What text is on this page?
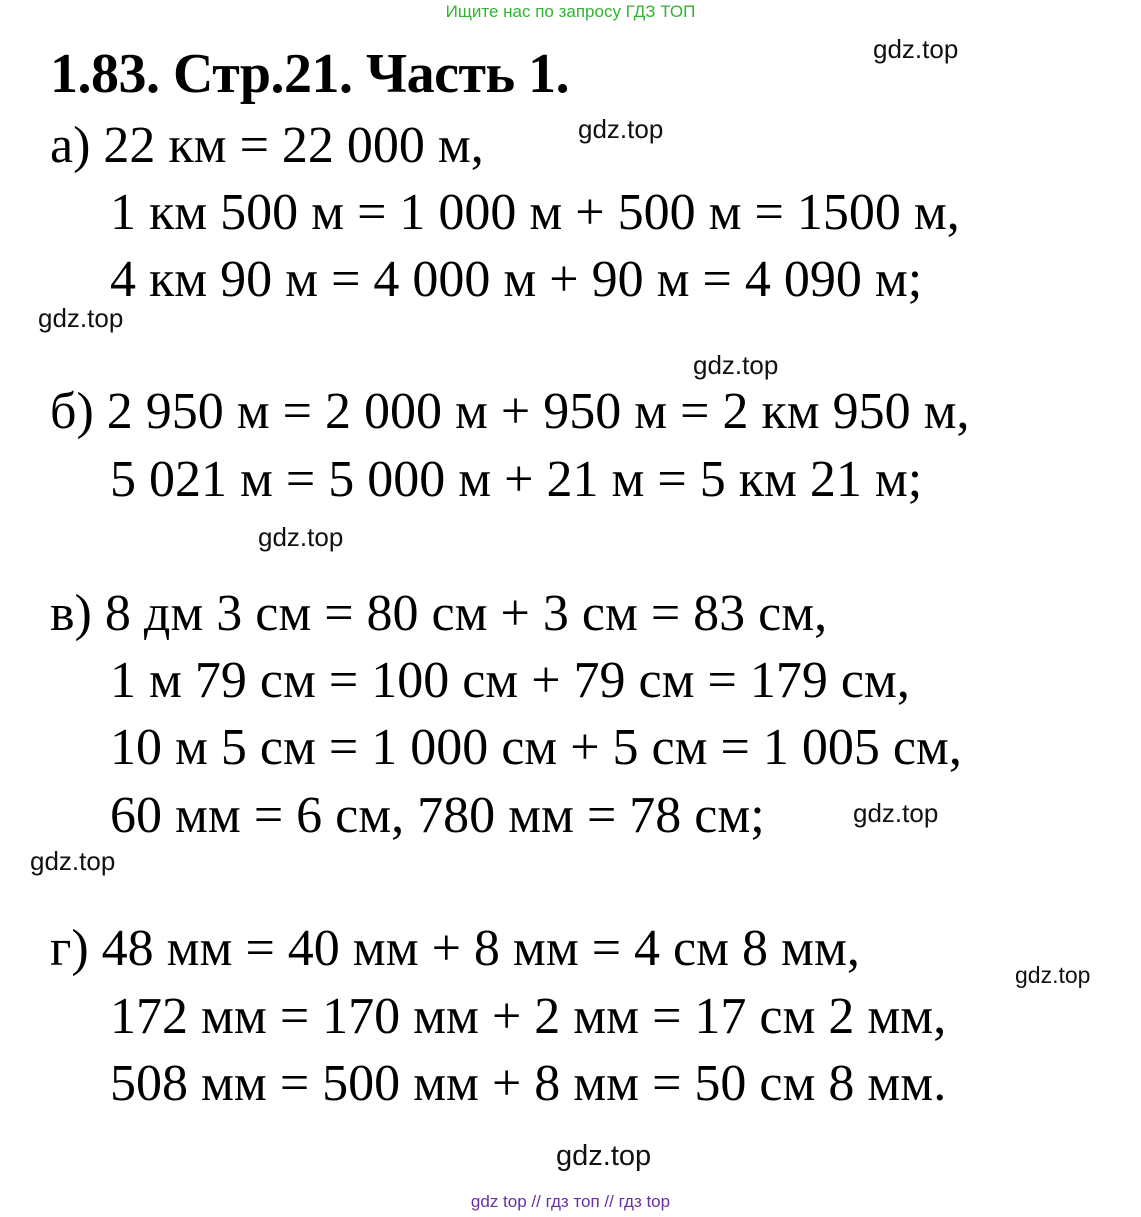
Ищите нас по запросу ГДЗ ТОП
1.83. Стр.21. Часть 1.
а) 22 км = 22 000 м,
1 км 500 м = 1 000 м + 500 м = 1500 м,
4 км 90 м = 4 000 м + 90 м = 4 090 м;
б) 2 950 м = 2 000 м + 950 м = 2 км 950 м,
5 021 м = 5 000 м + 21 м = 5 км 21 м;
в) 8 дм 3 см = 80 см + 3 см = 83 см,
1 м 79 см = 100 см + 79 см = 179 см,
10 м 5 см = 1 000 см + 5 см = 1 005 см,
60 мм = 6 см, 780 мм = 78 см;
г) 48 мм = 40 мм + 8 мм = 4 см 8 мм,
172 мм = 170 мм + 2 мм = 17 см 2 мм,
508 мм = 500 мм + 8 мм = 50 см 8 мм.
gdz.top
gdz.top
gdz.top
gdz.top
gdz.top
gdz.top
gdz.top
gdz.top
gdz.top
gdz top // гдз топ // гдз top
